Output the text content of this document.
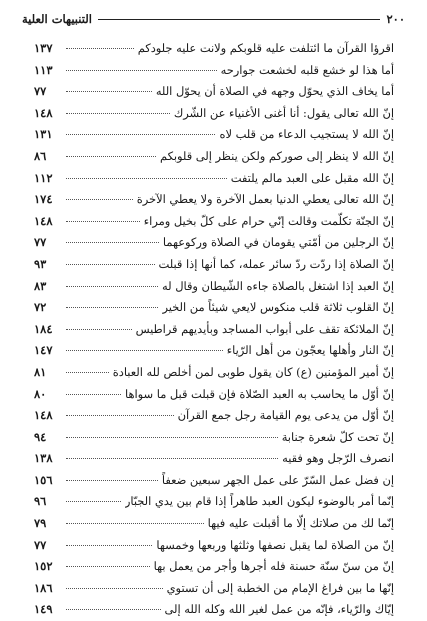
٢٠٠
التنبيهات العلية
اقرؤا القرآن ما ائتلفت عليه قلوبكم ولانت عليه جلودكم
١٣٧
أما هذا لو خشع قلبه لخشعت جوارحه
١١٣
أما يخاف الذي يحوّل وجهه في الصلاة أن يحوّل الله
٧٧
إنّ الله تعالى يقول: أنا أغنى الأغنياء عن الشّرك
١٤٨
إنّ الله لا يستجيب الدعاء من قلب لاه
١٣١
إنّ الله لا ينظر إلى صوركم ولكن ينظر إلى قلوبكم
٨٦
إنّ الله مقبل على العبد مالم يلتفت
١١٢
إنّ الله تعالى يعطي الدنيا بعمل الآخرة ولا يعطي الآخرة
١٧٤
إنّ الجنّة تكلّمت وقالت إنّي حرام على كلّ بخيل ومراء
١٤٨
إنّ الرجلين من أمّتي يقومان في الصلاة وركوعهما
٧٧
إنّ الصلاة إذا ردّت ردّ سائر عمله، كما أنها إذا قبلت
٩٣
إنّ العبد إذا اشتغل بالصلاة جاءه الشّيطان وقال له
٨٣
إنّ القلوب ثلاثة قلب منكوس لايعي شيئاً من الخير
٧٢
إنّ الملائكة تقف على أبواب المساجد وبأيديهم قراطيس
١٨٤
إنّ النار وأهلها يعجّون من أهل الرّياء
١٤٧
إنّ أمير المؤمنين (ع) كان يقول طوبى لمن أخلص لله العبادة
٨١
إنّ أوّل ما يحاسب به العبد الصّلاة فإن قبلت قبل ما سواها
٨٠
إنّ أوّل من يدعى يوم القيامة رجل جمع القرآن
١٤٨
إنّ تحت كلّ شعرة جنابة
٩٤
انصرف الرّجل وهو فقيه
١٣٨
إن فضل عمل السّرّ على عمل الجهر سبعين ضعفاً
١٥٦
إنّما أمر بالوضوء ليكون العبد طاهراً إذا قام بين يدي الجبّار
٩٦
إنّما لك من صلاتك إلّا ما أقبلت عليه فيها
٧٩
إنّ من الصلاة لما يقبل نصفها وثلثها وربعها وخمسها
٧٧
إنّ من سنّ سنّة حسنة فله أجرها وأجر من يعمل بها
١٥٢
إنّها ما بين فراغ الإمام من الخطبة إلى أن تستوي
١٨٦
إيّاك والرّياء، فإنّه من عمل لغير الله وكله الله إلى
١٤٩
